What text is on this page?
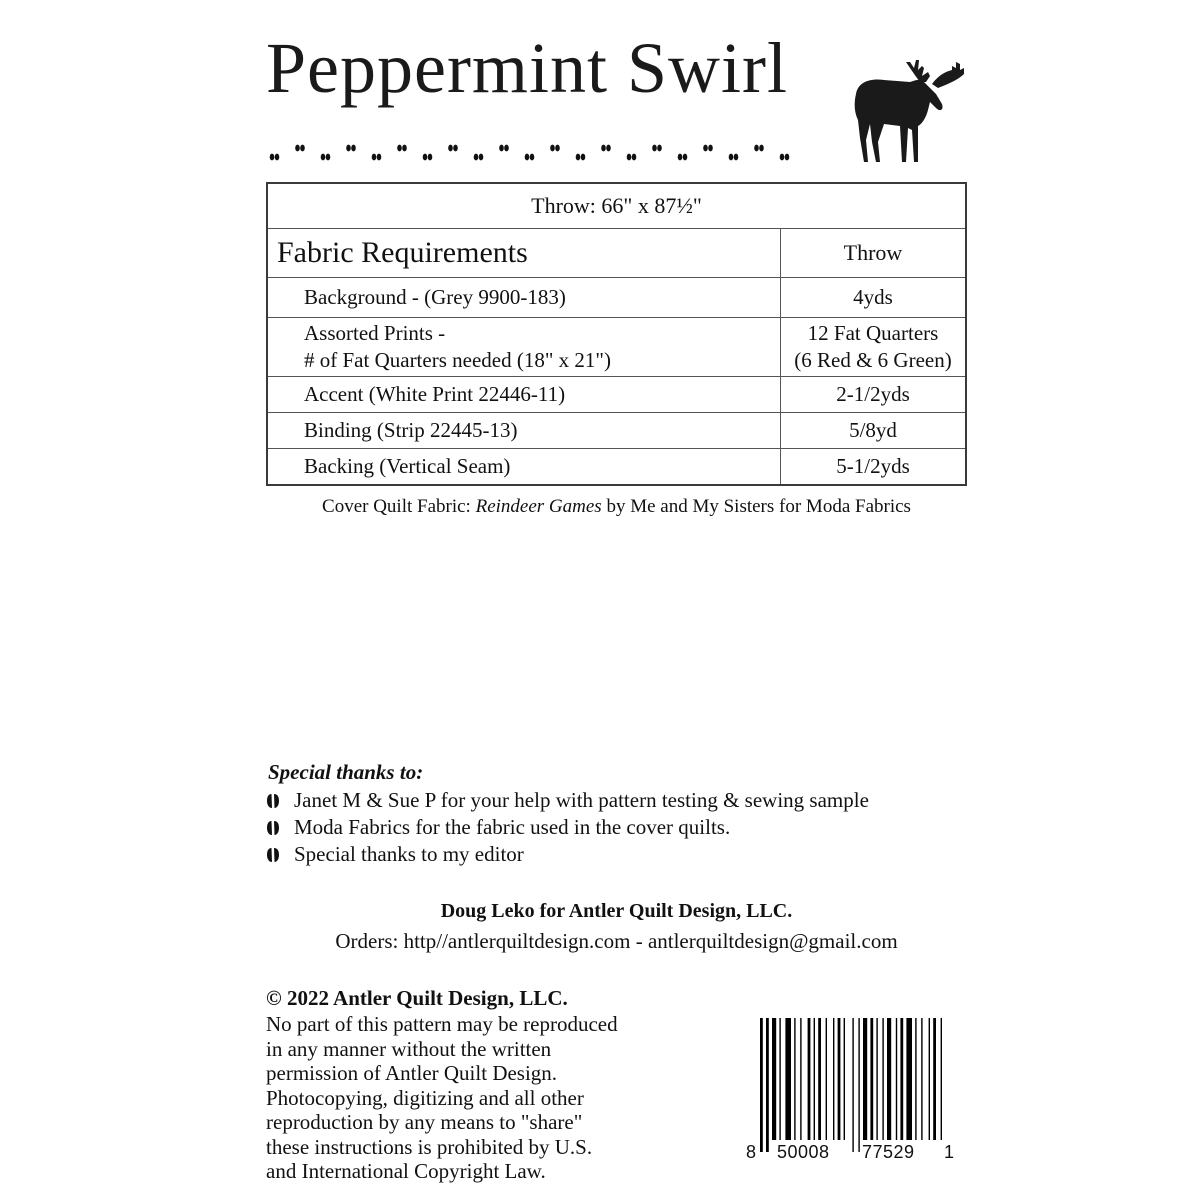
Peppermint Swirl
Throw: 66" x 87½"	
Fabric Requirements	Throw

Background - (Grey 9900-183)	4yds

Assorted Prints -
# of Fat Quarters needed (18" x 21")	12 Fat Quarters
(6 Red & 6 Green)

Accent (White Print 22446-11)	2-1/2yds

Binding (Strip 22445-13)	5/8yd

Backing (Vertical Seam)	5-1/2yds
Cover Quilt Fabric: Reindeer Games by Me and My Sisters for Moda Fabrics
Special thanks to:
Janet M & Sue P for your help with pattern testing & sewing sample
Moda Fabrics for the fabric used in the cover quilts.
Special thanks to my editor
Doug Leko for Antler Quilt Design, LLC.
Orders: http//antlerquiltdesign.com - antlerquiltdesign@gmail.com
© 2022 Antler Quilt Design, LLC.
No part of this pattern may be reproduced
in any manner without the written
permission of Antler Quilt Design.
Photocopying, digitizing and all other
reproduction by any means to "share"
these instructions is prohibited by U.S.
and International Copyright Law.
8 50008 77529 1
